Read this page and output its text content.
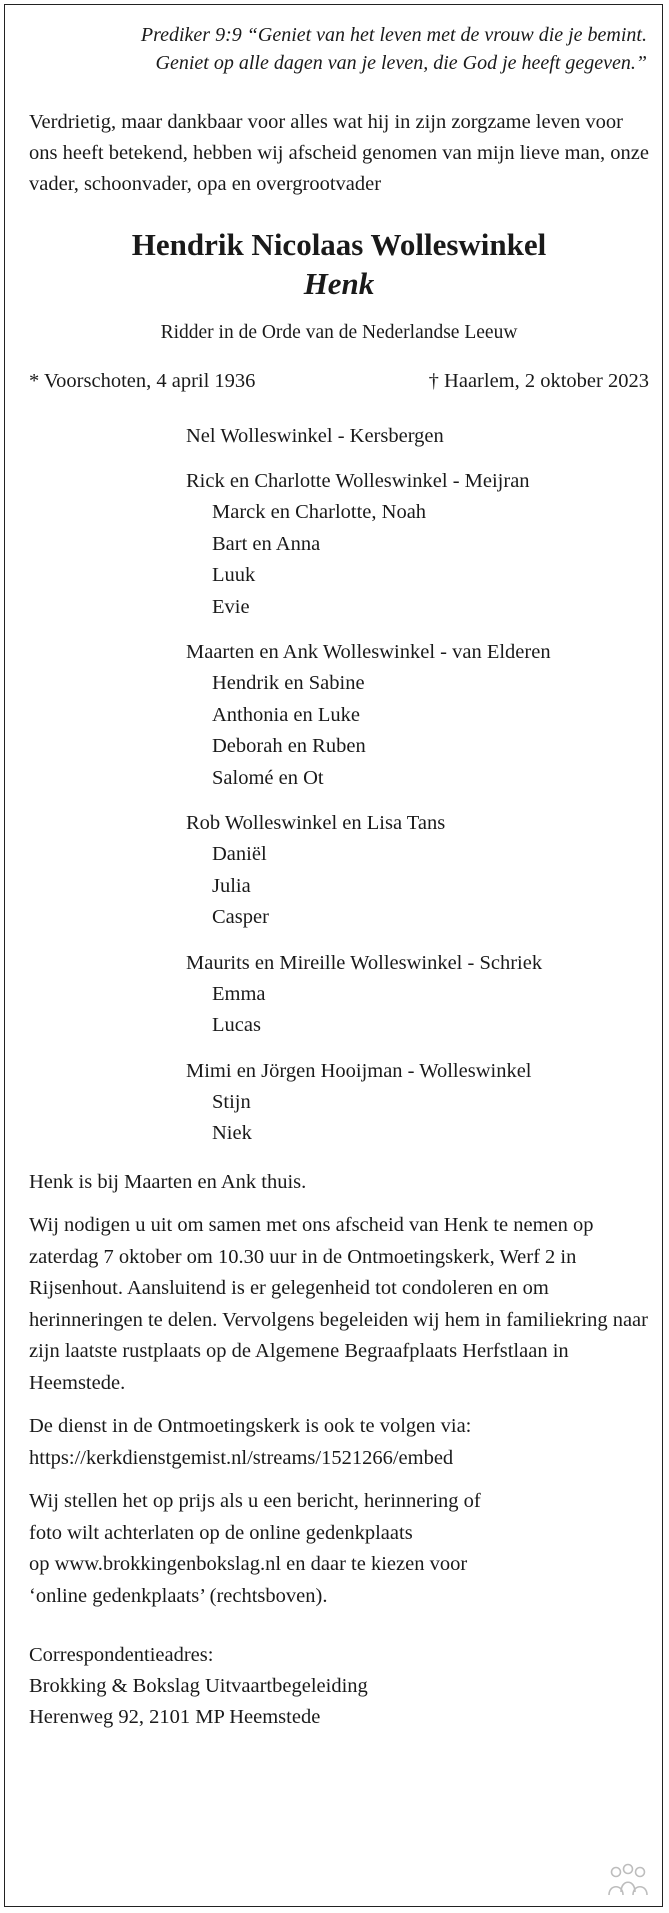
Prediker 9:9 “Geniet van het leven met de vrouw die je bemint.

Geniet op alle dagen van je leven, die God je heeft gegeven.”

Verdrietig, maar dankbaar voor alles wat hij in zijn zorgzame leven voor ons heeft betekend, hebben wij afscheid genomen van mijn lieve man, onze vader, schoonvader, opa en overgrootvader

Hendrik Nicolaas Wolleswinkel

Henk

Ridder in de Orde van de Nederlandse Leeuw

* Voorschoten, 4 april 1936	† Haarlem, 2 oktober 2023
Nel Wolleswinkel - Kersbergen
Rick en Charlotte Wolleswinkel - Meijran
Marck en Charlotte, Noah
Bart en Anna
Luuk
Evie
Maarten en Ank Wolleswinkel - van Elderen
Hendrik en Sabine
Anthonia en Luke
Deborah en Ruben
Salomé en Ot
Rob Wolleswinkel en Lisa Tans
Daniël
Julia
Casper
Maurits en Mireille Wolleswinkel - Schriek
Emma
Lucas
Mimi en Jörgen Hooijman - Wolleswinkel
Stijn
Niek

Henk is bij Maarten en Ank thuis.

Wij nodigen u uit om samen met ons afscheid van Henk te nemen op zaterdag 7 oktober om 10.30 uur in de Ontmoetingskerk, Werf 2 in Rijsenhout. Aansluitend is er gelegenheid tot condoleren en om herinneringen te delen. Vervolgens begeleiden wij hem in familiekring naar zijn laatste rustplaats op de Algemene Begraafplaats Herfstlaan in Heemstede.

De dienst in de Ontmoetingskerk is ook te volgen via:

https://kerkdienstgemist.nl/streams/1521266/embed

Wij stellen het op prijs als u een bericht, herinnering of

foto wilt achterlaten op de online gedenkplaats

op www.brokkingenbokslag.nl en daar te kiezen voor

‘online gedenkplaats’ (rechtsboven).

Correspondentieadres:

Brokking & Bokslag Uitvaartbegeleiding

Herenweg 92, 2101 MP Heemstede
